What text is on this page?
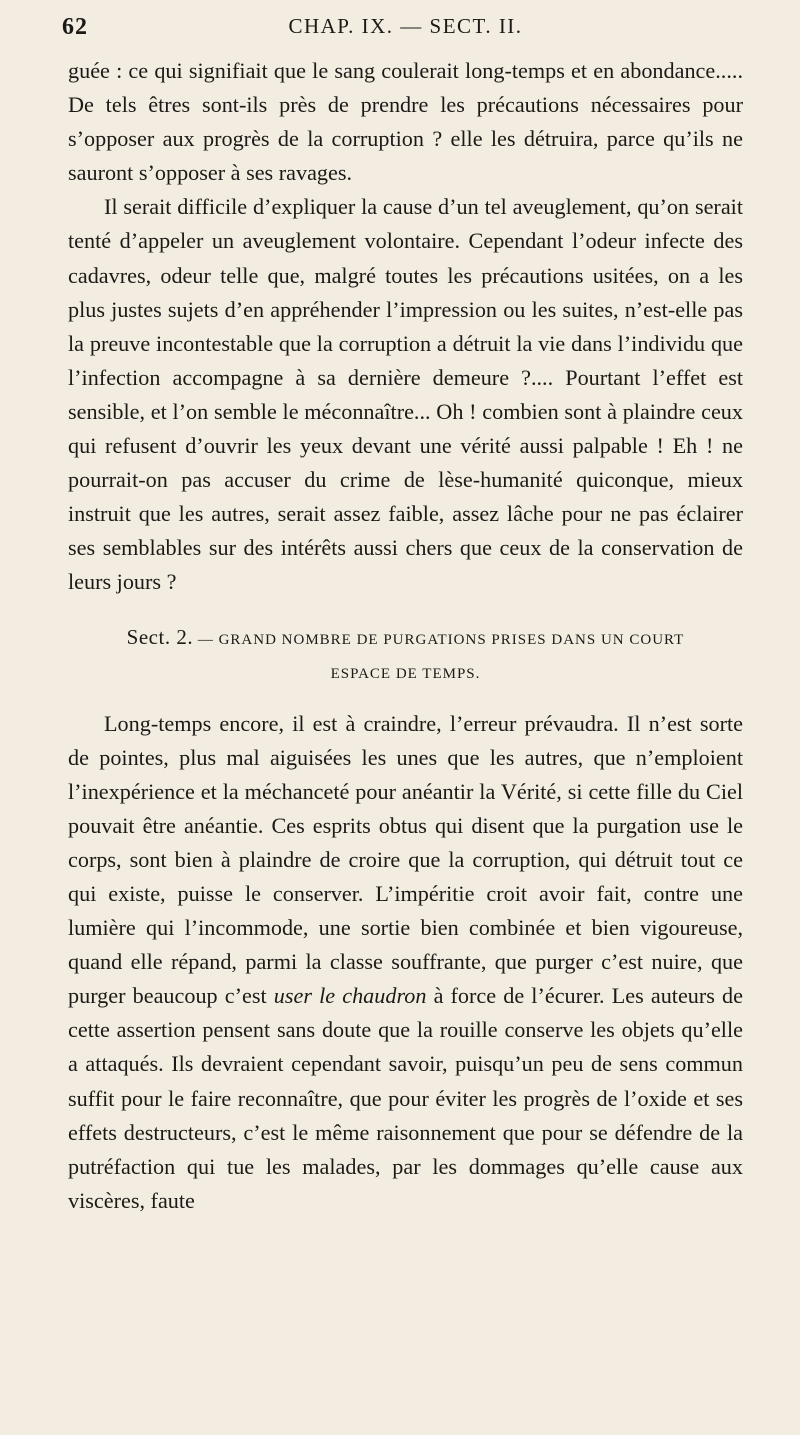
62	CHAP. IX. — SECT. II.

guée : ce qui signifiait que le sang coulerait long-temps et en abondance..... De tels êtres sont-ils près de prendre les précautions nécessaires pour s’opposer aux progrès de la corruption ? elle les détruira, parce qu’ils ne sauront s’opposer à ses ravages.

Il serait difficile d’expliquer la cause d’un tel aveuglement, qu’on serait tenté d’appeler un aveuglement volontaire. Cependant l’odeur infecte des cadavres, odeur telle que, malgré toutes les précautions usitées, on a les plus justes sujets d’en appréhender l’impression ou les suites, n’est-elle pas la preuve incontestable que la corruption a détruit la vie dans l’individu que l’infection accompagne à sa dernière demeure ?.... Pourtant l’effet est sensible, et l’on semble le méconnaître... Oh ! combien sont à plaindre ceux qui refusent d’ouvrir les yeux devant une vérité aussi palpable ! Eh ! ne pourrait-on pas accuser du crime de lèse-humanité quiconque, mieux instruit que les autres, serait assez faible, assez lâche pour ne pas éclairer ses semblables sur des intérêts aussi chers que ceux de la conservation de leurs jours ?

Sect. 2. — GRAND NOMBRE DE PURGATIONS PRISES DANS UN COURT
ESPACE DE TEMPS.

Long-temps encore, il est à craindre, l’erreur prévaudra. Il n’est sorte de pointes, plus mal aiguisées les unes que les autres, que n’emploient l’inexpérience et la méchanceté pour anéantir la Vérité, si cette fille du Ciel pouvait être anéantie. Ces esprits obtus qui disent que la purgation use le corps, sont bien à plaindre de croire que la corruption, qui détruit tout ce qui existe, puisse le conserver. L’impéritie croit avoir fait, contre une lumière qui l’incommode, une sortie bien combinée et bien vigoureuse, quand elle répand, parmi la classe souffrante, que purger c’est nuire, que purger beaucoup c’est user le chaudron à force de l’écurer. Les auteurs de cette assertion pensent sans doute que la rouille conserve les objets qu’elle a attaqués. Ils devraient cependant savoir, puisqu’un peu de sens commun suffit pour le faire reconnaître, que pour éviter les progrès de l’oxide et ses effets destructeurs, c’est le même raisonnement que pour se défendre de la putréfaction qui tue les malades, par les dommages qu’elle cause aux viscères, faute
